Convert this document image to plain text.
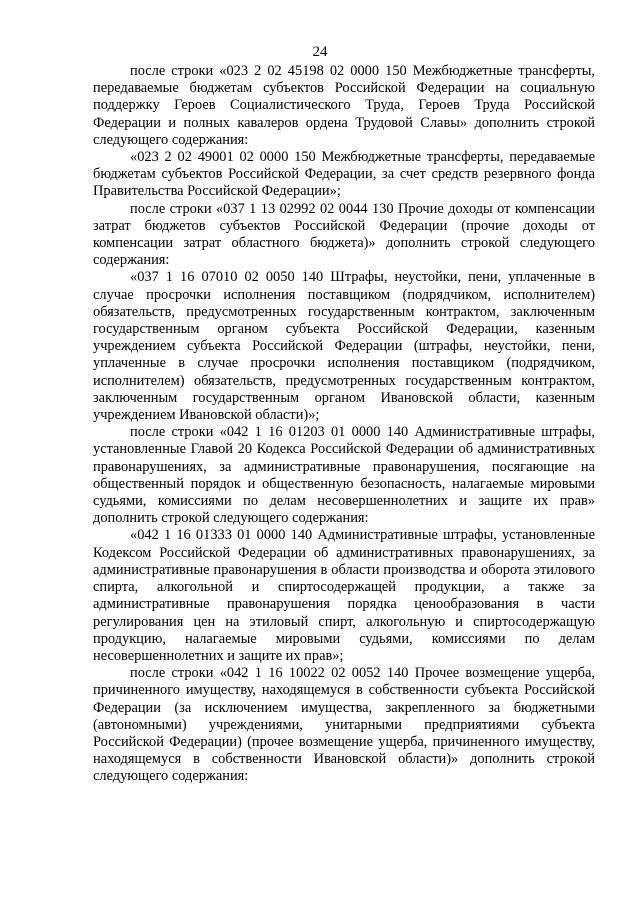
24

после строки «023 2 02 45198 02 0000 150 Межбюджетные трансферты, передаваемые бюджетам субъектов Российской Федерации на социальную поддержку Героев Социалистического Труда, Героев Труда Российской Федерации и полных кавалеров ордена Трудовой Славы» дополнить строкой следующего содержания:

«023 2 02 49001 02 0000 150 Межбюджетные трансферты, передаваемые бюджетам субъектов Российской Федерации, за счет средств резервного фонда Правительства Российской Федерации»;

после строки «037 1 13 02992 02 0044 130 Прочие доходы от компенсации затрат бюджетов субъектов Российской Федерации (прочие доходы от компенсации затрат областного бюджета)» дополнить строкой следующего содержания:

«037 1 16 07010 02 0050 140 Штрафы, неустойки, пени, уплаченные в случае просрочки исполнения поставщиком (подрядчиком, исполнителем) обязательств, предусмотренных государственным контрактом, заключенным государственным органом субъекта Российской Федерации, казенным учреждением субъекта Российской Федерации (штрафы, неустойки, пени, уплаченные в случае просрочки исполнения поставщиком (подрядчиком, исполнителем) обязательств, предусмотренных государственным контрактом, заключенным государственным органом Ивановской области, казенным учреждением Ивановской области)»;

после строки «042 1 16 01203 01 0000 140 Административные штрафы, установленные Главой 20 Кодекса Российской Федерации об административных правонарушениях, за административные правонарушения, посягающие на общественный порядок и общественную безопасность, налагаемые мировыми судьями, комиссиями по делам несовершеннолетних и защите их прав» дополнить строкой следующего содержания:

«042 1 16 01333 01 0000 140 Административные штрафы, установленные Кодексом Российской Федерации об административных правонарушениях, за административные правонарушения в области производства и оборота этилового спирта, алкогольной и спиртосодержащей продукции, а также за административные правонарушения порядка ценообразования в части регулирования цен на этиловый спирт, алкогольную и спиртосодержащую продукцию, налагаемые мировыми судьями, комиссиями по делам несовершеннолетних и защите их прав»;

после строки «042 1 16 10022 02 0052 140 Прочее возмещение ущерба, причиненного имуществу, находящемуся в собственности субъекта Российской Федерации (за исключением имущества, закрепленного за бюджетными (автономными) учреждениями, унитарными предприятиями субъекта Российской Федерации) (прочее возмещение ущерба, причиненного имуществу, находящемуся в собственности Ивановской области)» дополнить строкой следующего содержания:
